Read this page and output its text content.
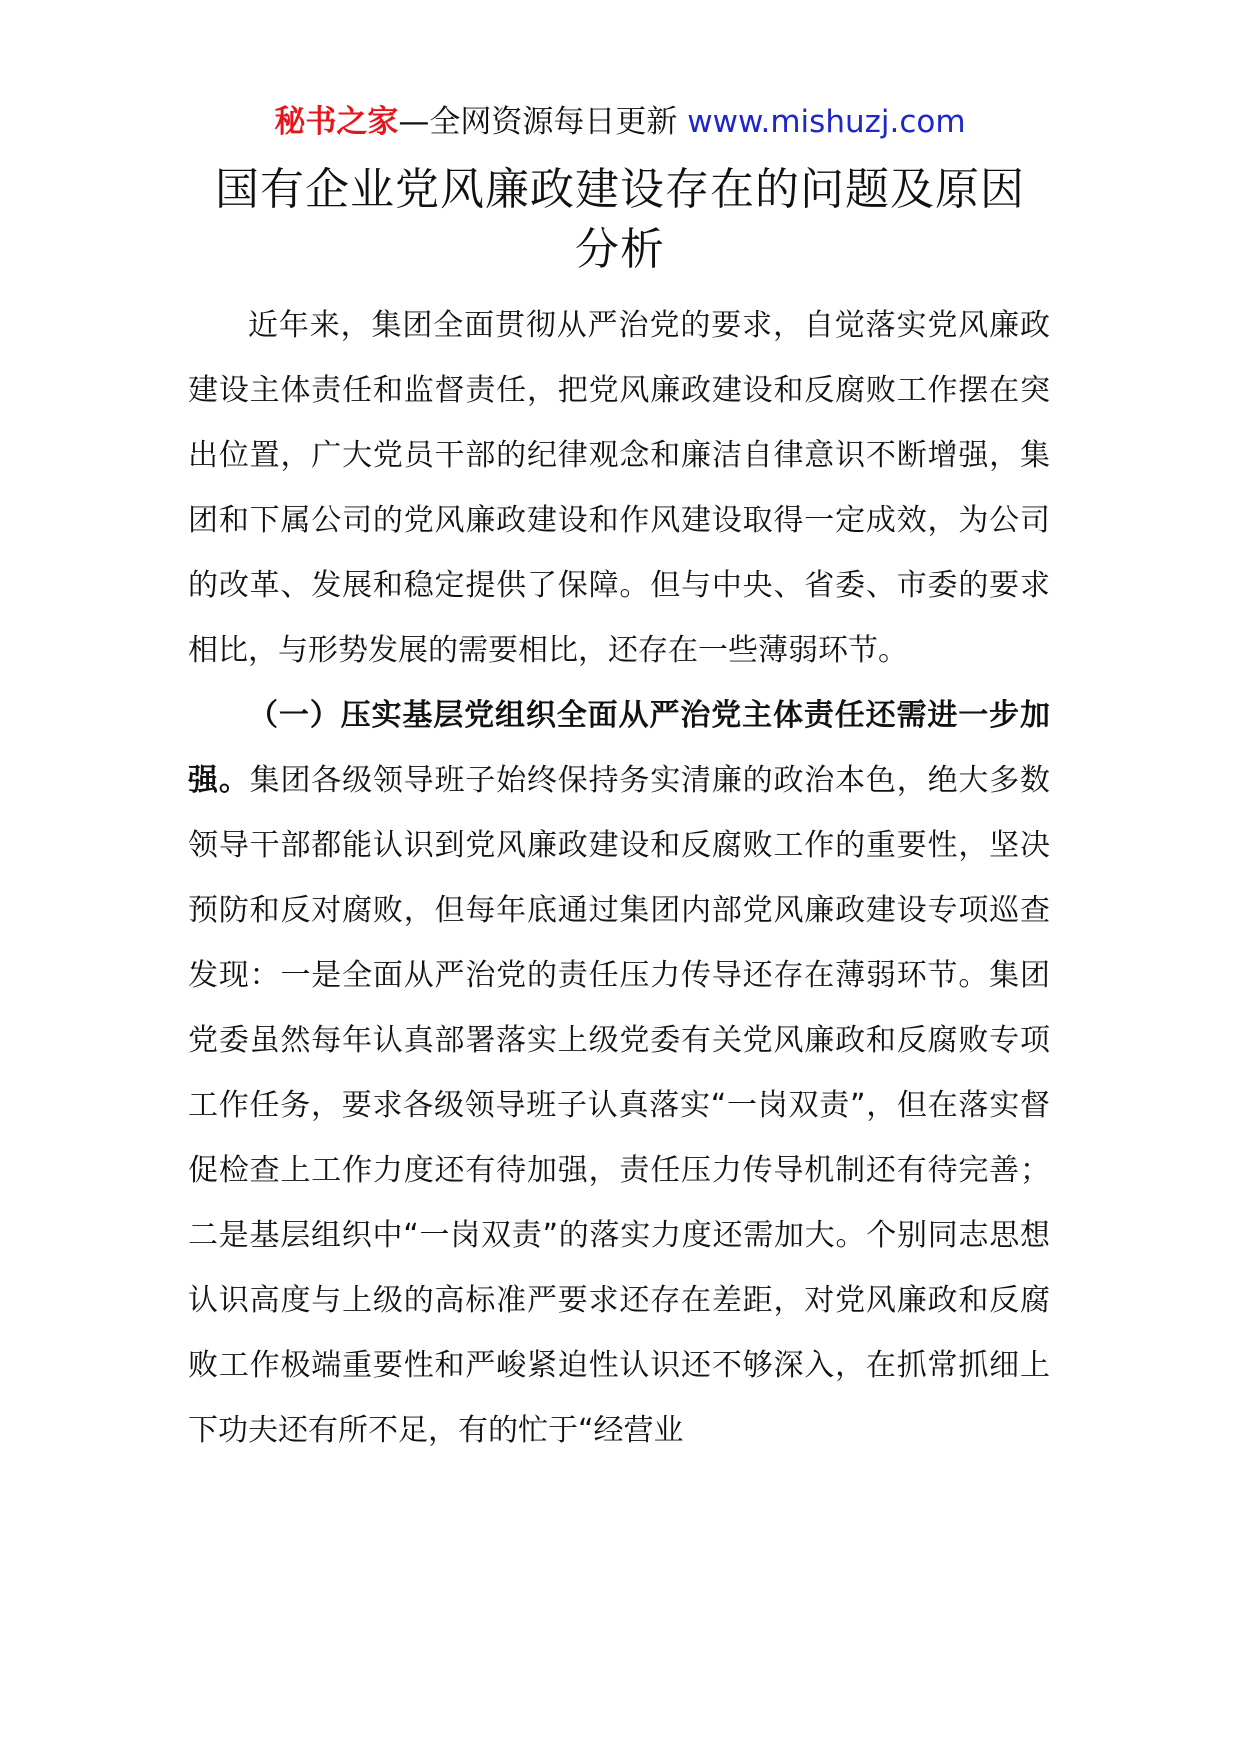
秘书之家—全网资源每日更新 www.mishuzj.com
国有企业党风廉政建设存在的问题及原因
分析

近年来，集团全面贯彻从严治党的要求，自觉落实党风廉政建设主体责任和监督责任，把党风廉政建设和反腐败工作摆在突出位置，广大党员干部的纪律观念和廉洁自律意识不断增强，集团和下属公司的党风廉政建设和作风建设取得一定成效，为公司的改革、发展和稳定提供了保障。但与中央、省委、市委的要求相比，与形势发展的需要相比，还存在一些薄弱环节。

（一）压实基层党组织全面从严治党主体责任还需进一步加强。集团各级领导班子始终保持务实清廉的政治本色，绝大多数领导干部都能认识到党风廉政建设和反腐败工作的重要性，坚决预防和反对腐败，但每年底通过集团内部党风廉政建设专项巡查发现：一是全面从严治党的责任压力传导还存在薄弱环节。集团党委虽然每年认真部署落实上级党委有关党风廉政和反腐败专项工作任务，要求各级领导班子认真落实“一岗双责”，但在落实督促检查上工作力度还有待加强，责任压力传导机制还有待完善；二是基层组织中“一岗双责”的落实力度还需加大。个别同志思想认识高度与上级的高标准严要求还存在差距，对党风廉政和反腐败工作极端重要性和严峻紧迫性认识还不够深入，在抓常抓细上下功夫还有所不足，有的忙于“经营业
